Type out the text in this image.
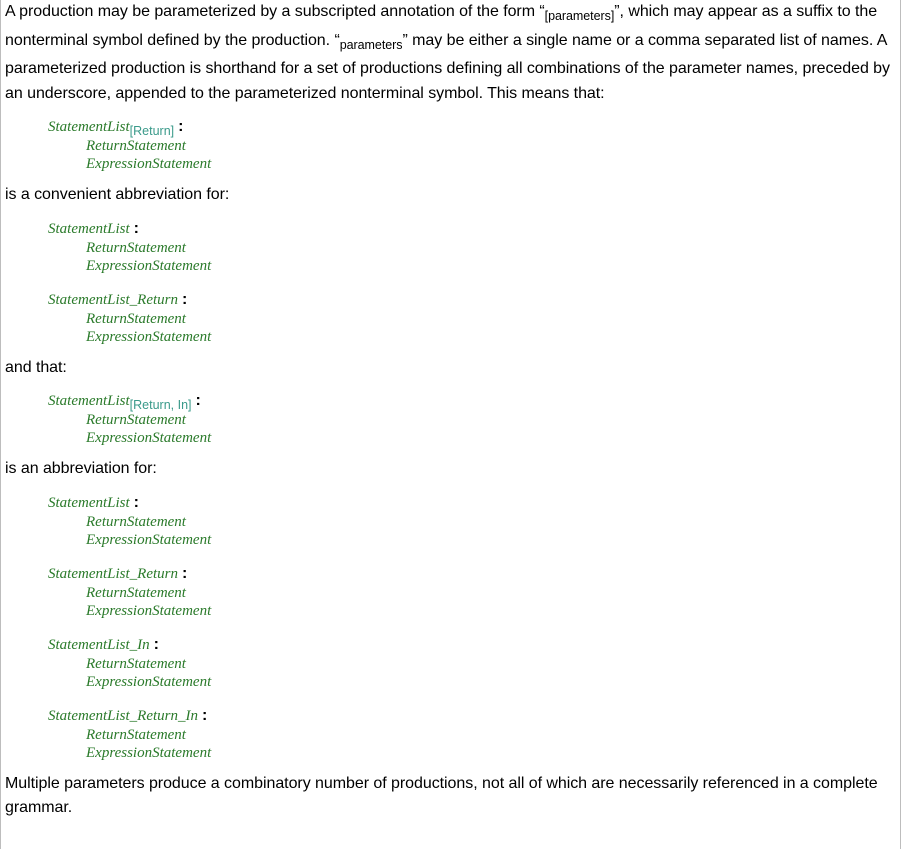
A production may be parameterized by a subscripted annotation of the form “$_{[parameters]}$”, which may appear as a suffix to the nonterminal symbol defined by the production. “$_{parameters}$” may be either a single name or a comma separated list of names. A parameterized production is shorthand for a set of productions defining all combinations of the parameter names, preceded by an underscore, appended to the parameterized nonterminal symbol. This means that:

StatementList$_{[Return]}$ :
ReturnStatement
ExpressionStatement

is a convenient abbreviation for:

StatementList :
ReturnStatement
ExpressionStatement
StatementList_Return :
ReturnStatement
ExpressionStatement

and that:

StatementList$_{[Return, In]}$ :
ReturnStatement
ExpressionStatement

is an abbreviation for:

StatementList :
ReturnStatement
ExpressionStatement
StatementList_Return :
ReturnStatement
ExpressionStatement
StatementList_In :
ReturnStatement
ExpressionStatement
StatementList_Return_In :
ReturnStatement
ExpressionStatement

Multiple parameters produce a combinatory number of productions, not all of which are necessarily referenced in a complete grammar.
